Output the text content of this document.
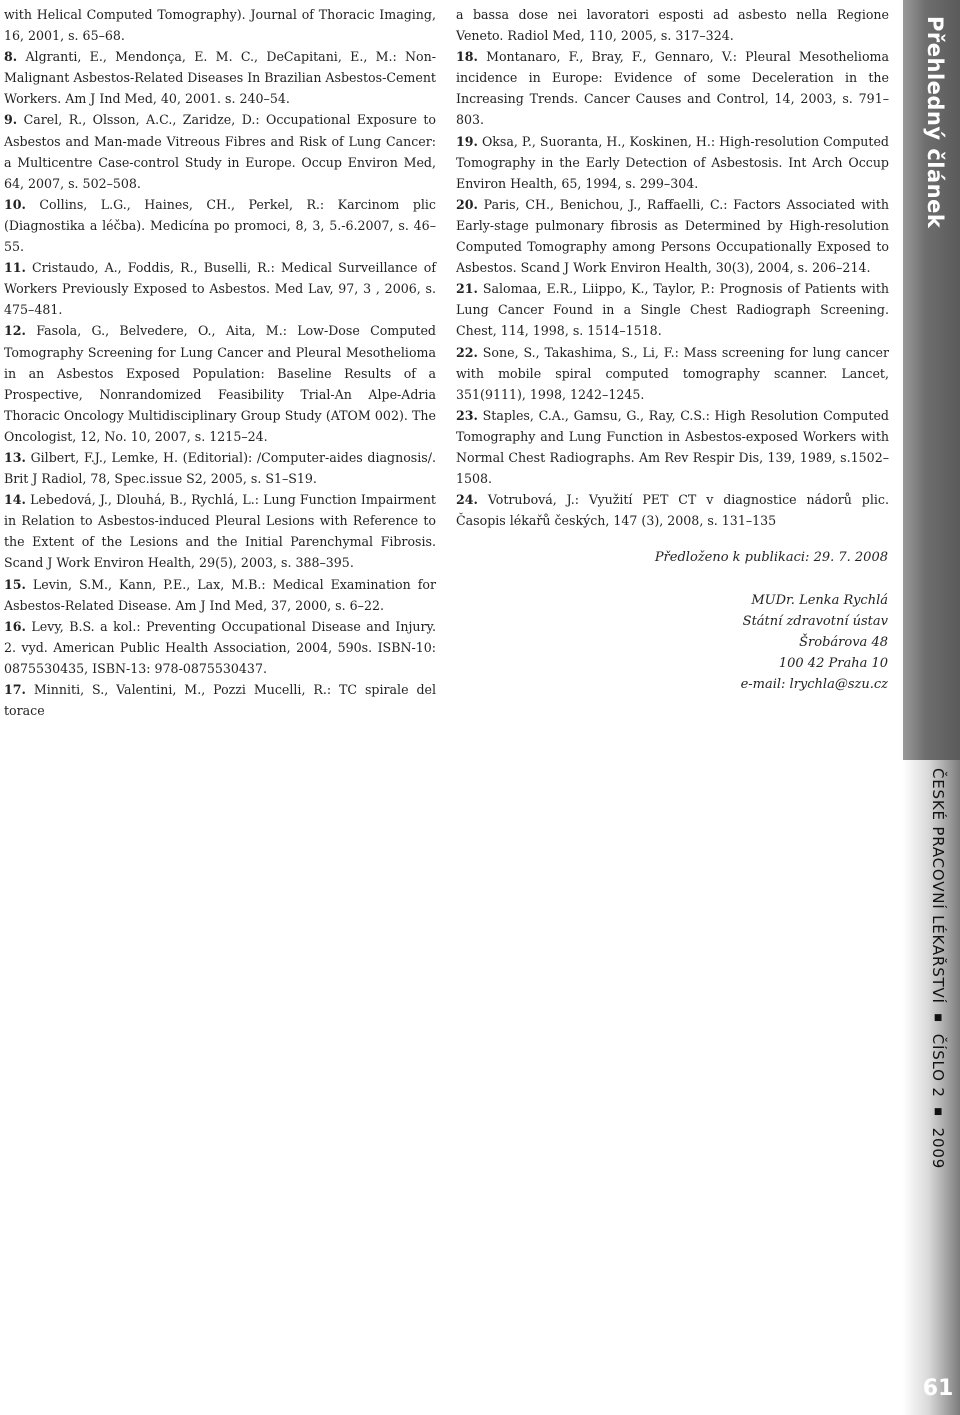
with Helical Computed Tomography). Journal of Thoracic Imaging, 16, 2001, s. 65–68.

8. Algranti, E., Mendonça, E. M. C., DeCapitani, E., M.: Non-Malignant Asbestos-Related Diseases In Brazilian Asbestos-Cement Workers. Am J Ind Med, 40, 2001. s. 240–54.

9. Carel, R., Olsson, A.C., Zaridze, D.: Occupational Exposure to Asbestos and Man-made Vitreous Fibres and Risk of Lung Cancer: a Multicentre Case-control Study in Europe. Occup Environ Med, 64, 2007, s. 502–508.

10. Collins, L.G., Haines, CH., Perkel, R.: Karcinom plic (Diagnostika a léčba). Medicína po promoci, 8, 3, 5.-6.2007, s. 46–55.

11. Cristaudo, A., Foddis, R., Buselli, R.: Medical Surveillance of Workers Previously Exposed to Asbestos. Med Lav, 97, 3 , 2006, s. 475–481.

12. Fasola, G., Belvedere, O., Aita, M.: Low-Dose Computed Tomography Screening for Lung Cancer and Pleural Mesothelioma in an Asbestos Exposed Population: Baseline Results of a Prospective, Nonrandomized Feasibility Trial-An Alpe-Adria Thoracic Oncology Multidisciplinary Group Study (ATOM 002). The Oncologist, 12, No. 10, 2007, s. 1215–24.

13. Gilbert, F.J., Lemke, H. (Editorial): /Computer-aides diagnosis/. Brit J Radiol, 78, Spec.issue S2, 2005, s. S1–S19.

14. Lebedová, J., Dlouhá, B., Rychlá, L.: Lung Function Impairment in Relation to Asbestos-induced Pleural Lesions with Reference to the Extent of the Lesions and the Initial Parenchymal Fibrosis. Scand J Work Environ Health, 29(5), 2003, s. 388–395.

15. Levin, S.M., Kann, P.E., Lax, M.B.: Medical Examination for Asbestos-Related Disease. Am J Ind Med, 37, 2000, s. 6–22.

16. Levy, B.S. a kol.: Preventing Occupational Disease and Injury. 2. vyd. American Public Health Association, 2004, 590s. ISBN-10: 0875530435, ISBN-13: 978-0875530437.

17. Minniti, S., Valentini, M., Pozzi Mucelli, R.: TC spirale del torace

a bassa dose nei lavoratori esposti ad asbesto nella Regione Veneto. Radiol Med, 110, 2005, s. 317–324.

18. Montanaro, F., Bray, F., Gennaro, V.: Pleural Mesothelioma incidence in Europe: Evidence of some Deceleration in the Increasing Trends. Cancer Causes and Control, 14, 2003, s. 791–803.

19. Oksa, P., Suoranta, H., Koskinen, H.: High-resolution Computed Tomography in the Early Detection of Asbestosis. Int Arch Occup Environ Health, 65, 1994, s. 299–304.

20. Paris, CH., Benichou, J., Raffaelli, C.: Factors Associated with Early-stage pulmonary fibrosis as Determined by High-resolution Computed Tomography among Persons Occupationally Exposed to Asbestos. Scand J Work Environ Health, 30(3), 2004, s. 206–214.

21. Salomaa, E.R., Liippo, K., Taylor, P.: Prognosis of Patients with Lung Cancer Found in a Single Chest Radiograph Screening. Chest, 114, 1998, s. 1514–1518.

22. Sone, S., Takashima, S., Li, F.: Mass screening for lung cancer with mobile spiral computed tomography scanner. Lancet, 351(9111), 1998, 1242–1245.

23. Staples, C.A., Gamsu, G., Ray, C.S.: High Resolution Computed Tomography and Lung Function in Asbestos-exposed Workers with Normal Chest Radiographs. Am Rev Respir Dis, 139, 1989, s.1502–1508.

24. Votrubová, J.: Využití PET CT v diagnostice nádorů plic. Časopis lékařů českých, 147 (3), 2008, s. 131–135

Předloženo k publikaci: 29. 7. 2008
MUDr. Lenka Rychlá
Státní zdravotní ústav
Šrobárova 48
100 42 Praha 10
e-mail: lrychla@szu.cz
Přehledný článek
ČESKÉ PRACOVNÍ LÉKAŘSTVÍ ■ ČÍSLO 2 ■ 2009
61
